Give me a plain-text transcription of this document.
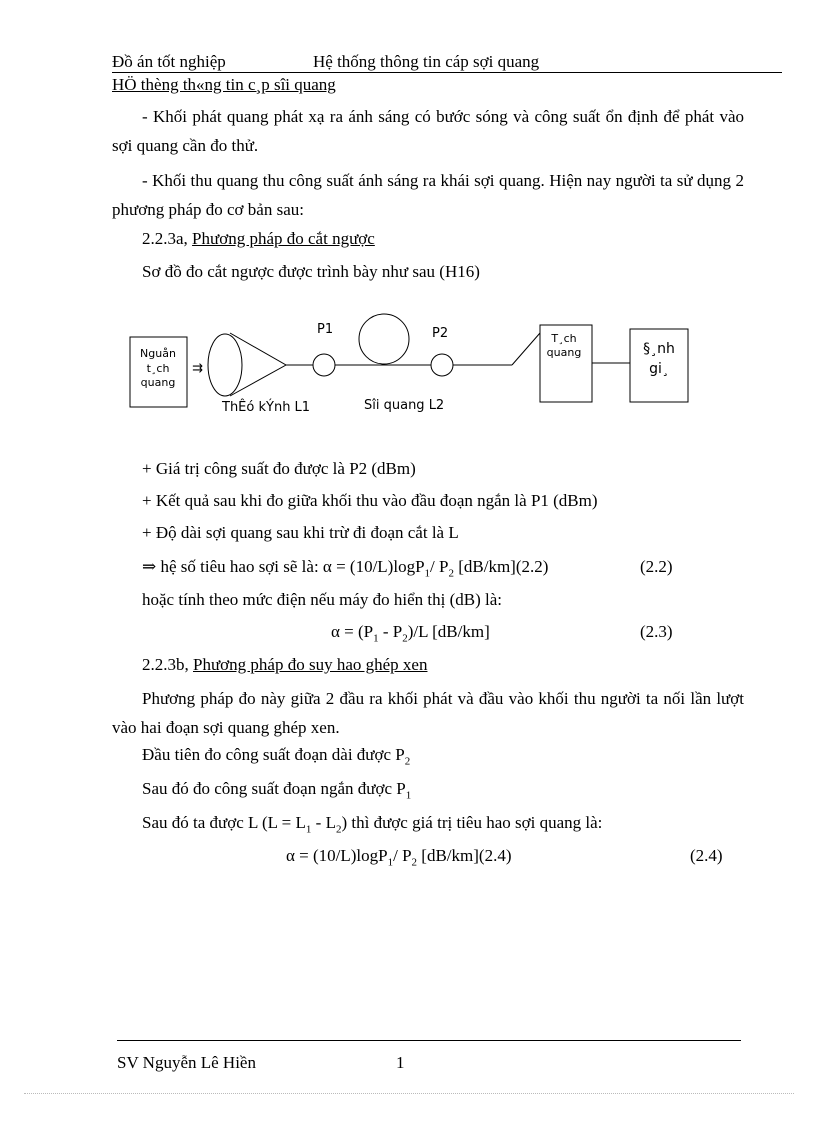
Đồ án tốt nghiệp	Hệ thống thông tin cáp sợi quang
HÖ thèng th«ng tin c¸p sîi quang
- Khối phát quang phát xạ ra ánh sáng có bước sóng và công suất ổn định để phát vào sợi quang cần đo thử.
- Khối thu quang thu công suất ánh sáng ra khái sợi quang. Hiện nay người ta sử dụng 2 phương pháp đo cơ bản sau:
2.2.3a, Phương pháp đo cắt ngược
Sơ đồ đo cắt ngược được trình bày như sau (H16)
Nguån
t¸ch
quang
⇉
P1	P2	T¸ch
quang	§¸nh
gi¸
ThÊó kÝnh L1	Sîi quang L2
+ Giá trị công suất đo được là P2 (dBm)
+ Kết quả sau khi đo giữa khối thu vào đầu đoạn ngắn là P1 (dBm)
+ Độ dài sợi quang sau khi trừ đi đoạn cắt là L
⇒ hệ số tiêu hao sợi sẽ là: α = (10/L)logP$_1$/ $P_2$ [dB/km](2.2)	(2.2)
hoặc tính theo mức điện nếu máy đo hiển thị (dB) là:
$\alpha = (P_1 - P_2)/L$ [dB/km]	(2.3)
2.2.3b, Phương pháp đo suy hao ghép xen
Phương pháp đo này giữa 2 đầu ra khối phát và đầu vào khối thu người ta nối lần lượt vào hai đoạn sợi quang ghép xen.
Đầu tiên đo công suất đoạn dài được $P_2$
Sau đó đo công suất đoạn ngắn được $P_1$
Sau đó ta được L $(L = L_1 - L_2)$ thì được giá trị tiêu hao sợi quang là:
α = (10/L)logP$_1$/ $P_2$ [dB/km](2.4)	(2.4)
SV Nguyễn Lê Hiền	1
